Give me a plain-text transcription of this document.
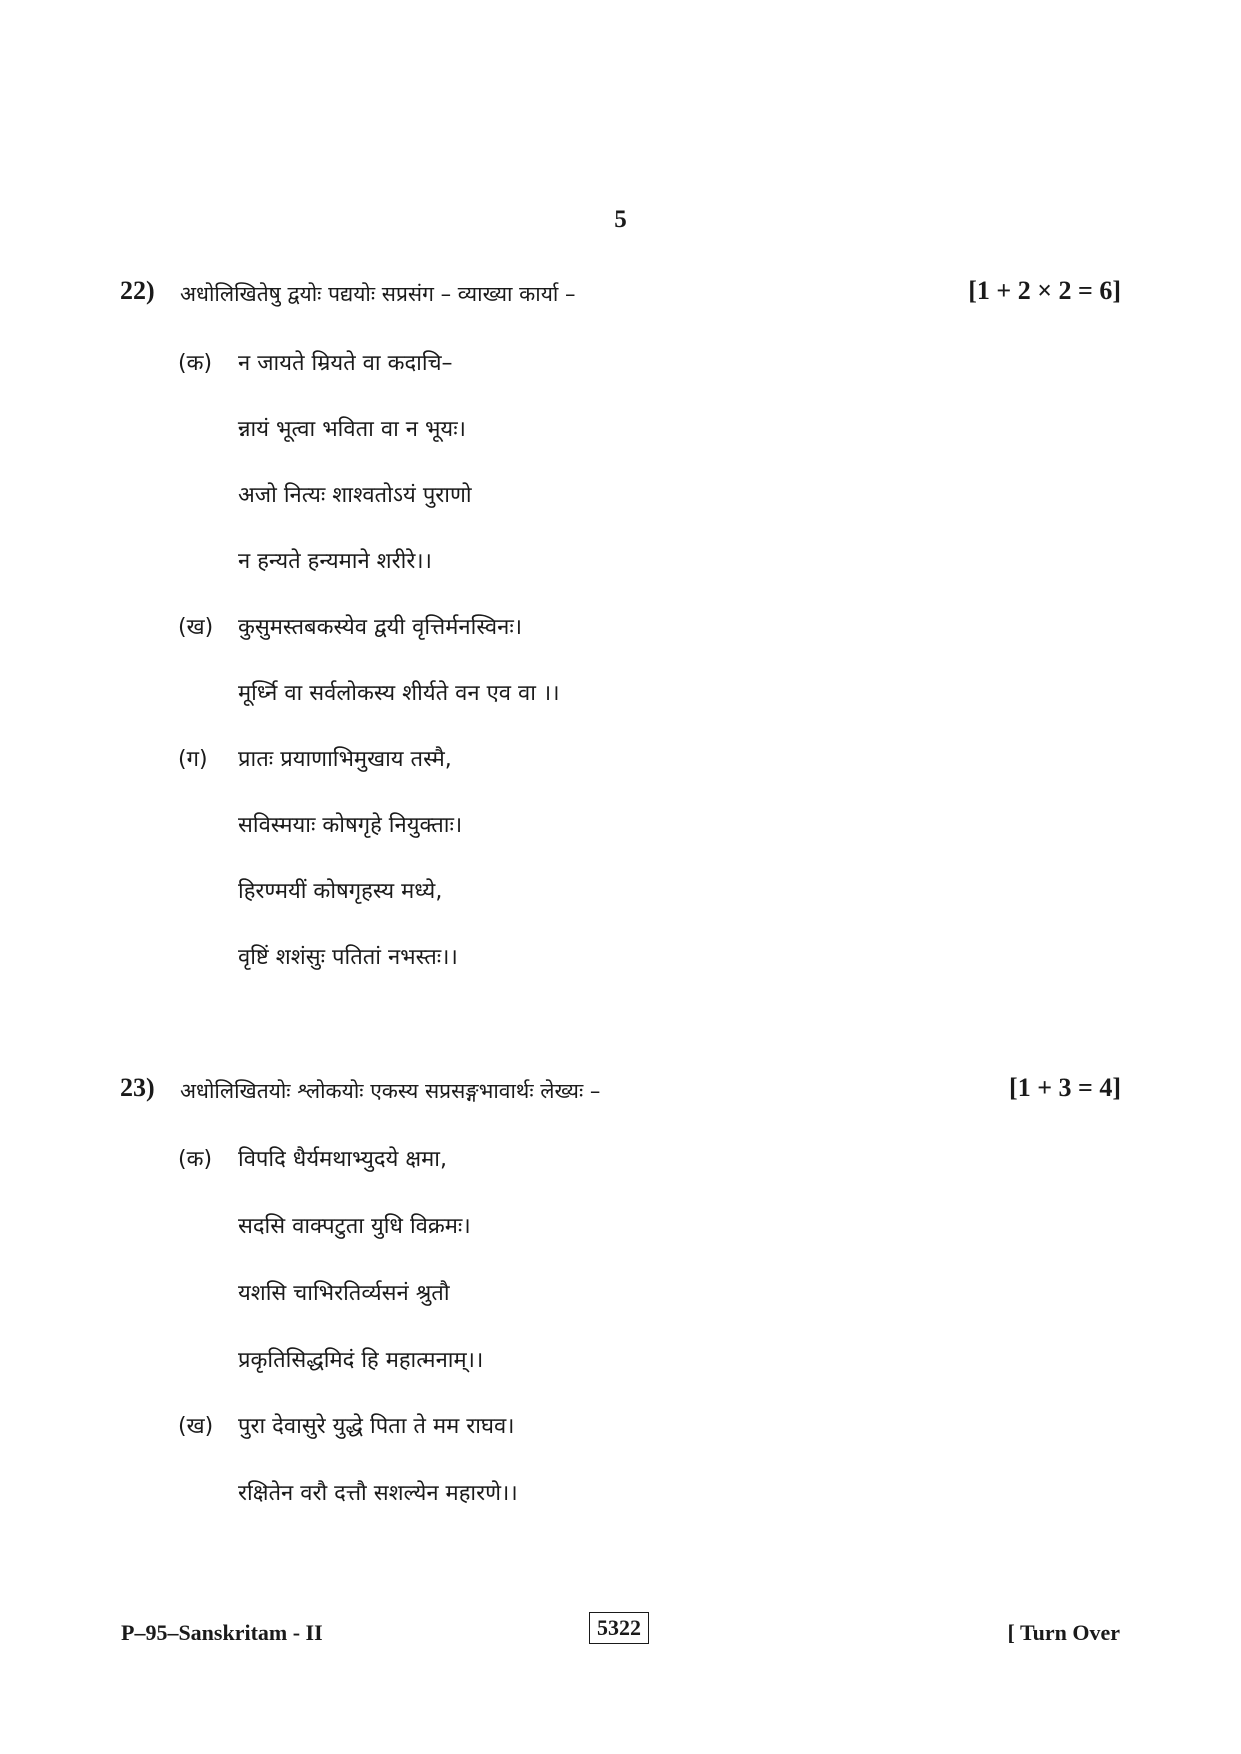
5
22) अधोलिखितेषु द्वयोः पद्ययोः सप्रसंग – व्याख्या कार्या –	[1 + 2 × 2 = 6]
(क) न जायते म्रियते वा कदाचि–
न्नायं भूत्वा भविता वा न भूयः।
अजो नित्यः शाश्वतोऽयं पुराणो
न हन्यते हन्यमाने शरीरे।।
(ख) कुसुमस्तबकस्येव द्वयी वृत्तिर्मनस्विनः।
मूर्ध्नि वा सर्वलोकस्य शीर्यते वन एव वा ।।
(ग) प्रातः प्रयाणाभिमुखाय तस्मै,
सविस्मयाः कोषगृहे नियुक्ताः।
हिरण्मयीं कोषगृहस्य मध्ये,
वृष्टिं शशंसुः पतितां नभस्तः।।
23) अधोलिखितयोः श्लोकयोः एकस्य सप्रसङ्गभावार्थः लेख्यः –	[1 + 3 = 4]
(क) विपदि धैर्यमथाभ्युदये क्षमा,
सदसि वाक्पटुता युधि विक्रमः।
यशसि चाभिरतिर्व्यसनं श्रुतौ
प्रकृतिसिद्धमिदं हि महात्मनाम्।।
(ख) पुरा देवासुरे युद्धे पिता ते मम राघव।
रक्षितेन वरौ दत्तौ सशल्येन महारणे।।
P–95–Sanskritam - II	5322	[ Turn Over
